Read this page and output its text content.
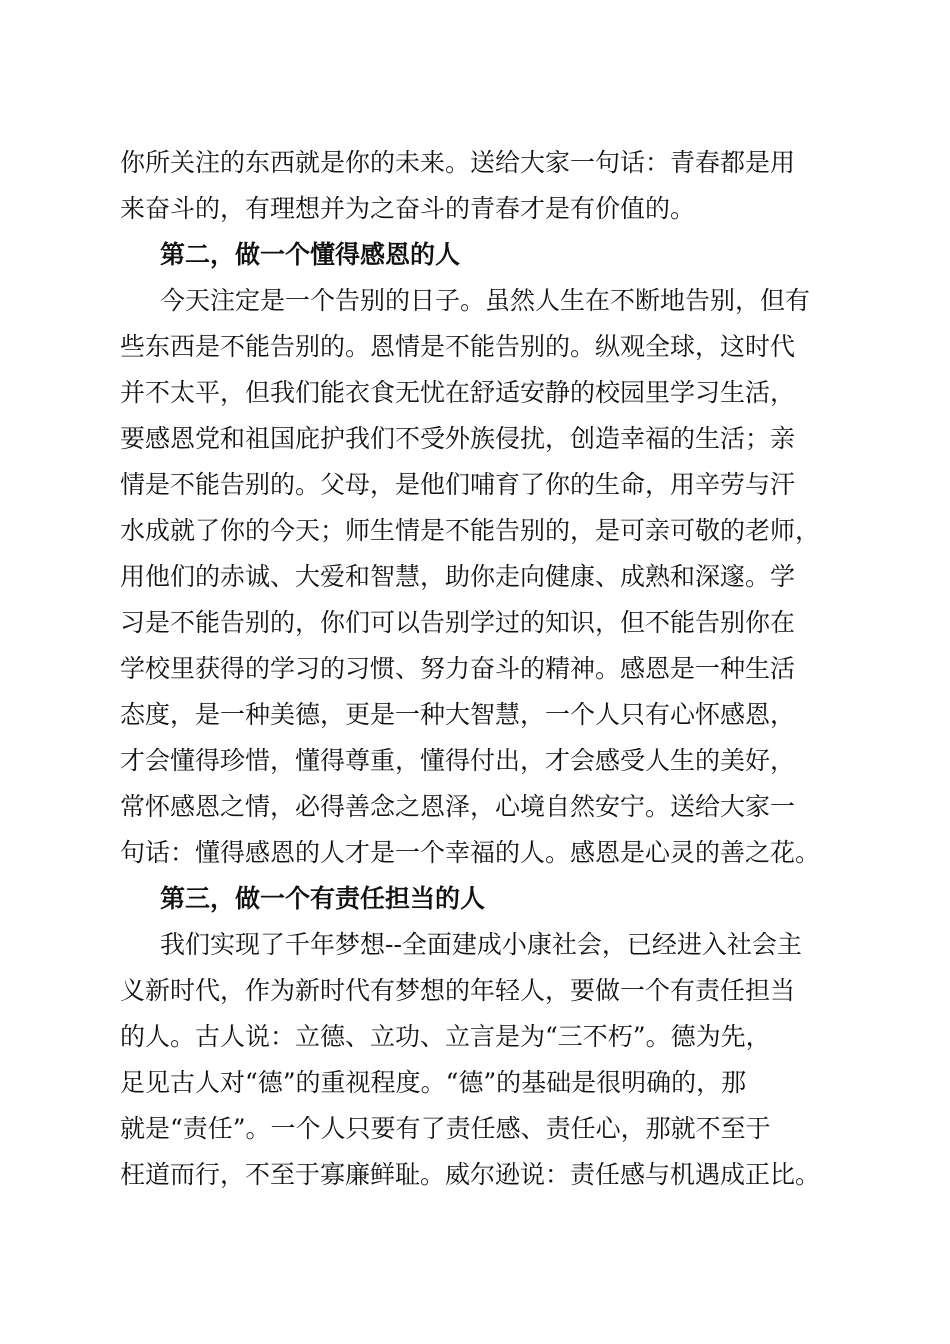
你所关注的东西就是你的未来。送给大家一句话：青春都是用
来奋斗的，有理想并为之奋斗的青春才是有价值的。
第二，做一个懂得感恩的人
今天注定是一个告别的日子。虽然人生在不断地告别，但有
些东西是不能告别的。恩情是不能告别的。纵观全球，这时代
并不太平，但我们能衣食无忧在舒适安静的校园里学习生活，
要感恩党和祖国庇护我们不受外族侵扰，创造幸福的生活；亲
情是不能告别的。父母，是他们哺育了你的生命，用辛劳与汗
水成就了你的今天；师生情是不能告别的，是可亲可敬的老师，
用他们的赤诚、大爱和智慧，助你走向健康、成熟和深邃。学
习是不能告别的，你们可以告别学过的知识，但不能告别你在
学校里获得的学习的习惯、努力奋斗的精神。感恩是一种生活
态度，是一种美德，更是一种大智慧，一个人只有心怀感恩，
才会懂得珍惜，懂得尊重，懂得付出，才会感受人生的美好，
常怀感恩之情，必得善念之恩泽，心境自然安宁。送给大家一
句话：懂得感恩的人才是一个幸福的人。感恩是心灵的善之花。
第三，做一个有责任担当的人
我们实现了千年梦想--全面建成小康社会，已经进入社会主
义新时代，作为新时代有梦想的年轻人，要做一个有责任担当
的人。古人说：立德、立功、立言是为“三不朽”。德为先，
足见古人对“德”的重视程度。“德”的基础是很明确的，那
就是“责任”。一个人只要有了责任感、责任心，那就不至于
枉道而行，不至于寡廉鲜耻。威尔逊说：责任感与机遇成正比。
